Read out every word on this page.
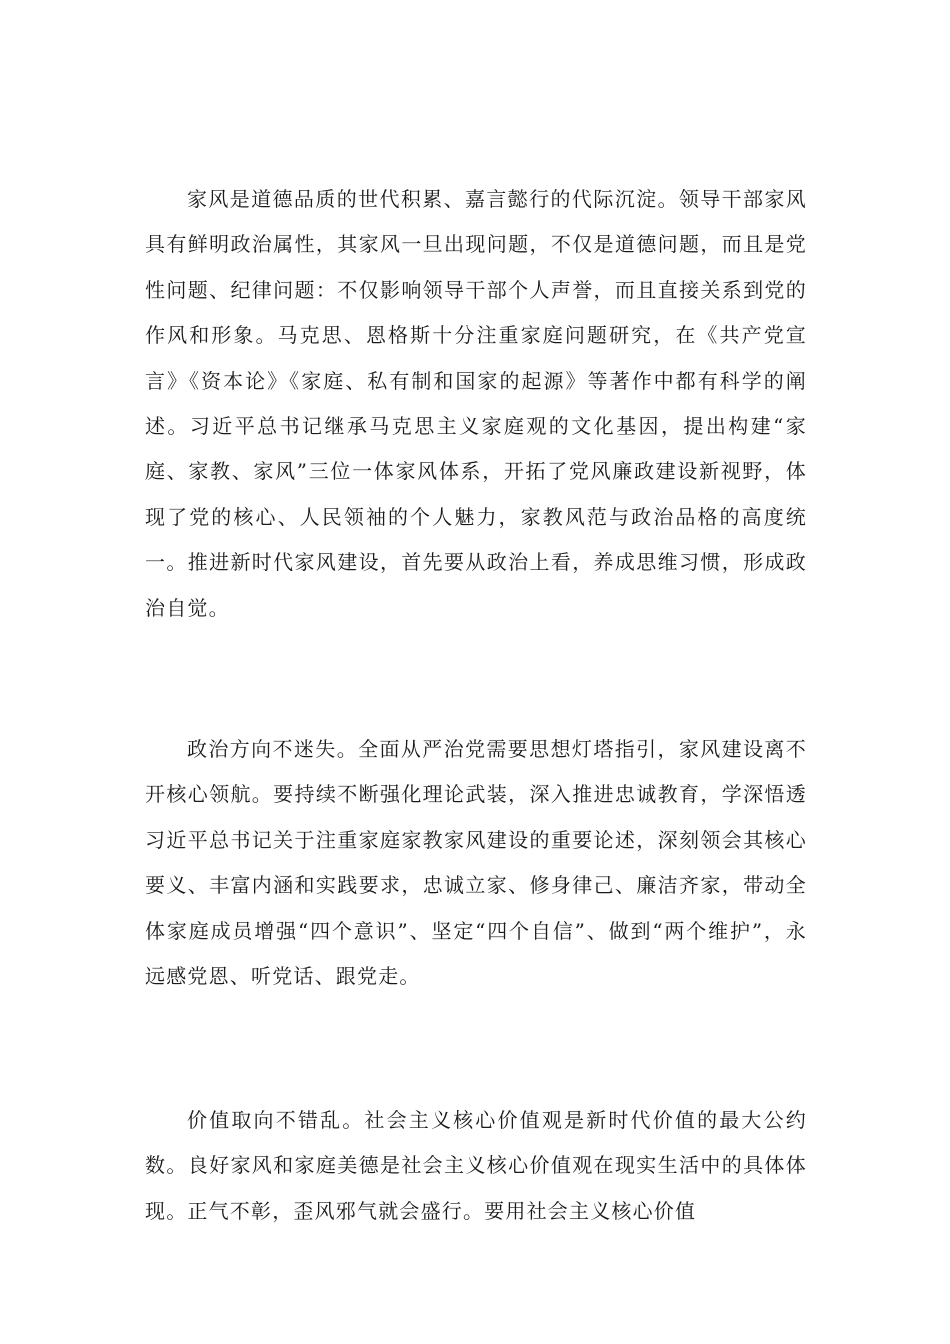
家风是道德品质的世代积累、嘉言懿行的代际沉淀。领导干部家风具有鲜明政治属性，其家风一旦出现问题，不仅是道德问题，而且是党性问题、纪律问题：不仅影响领导干部个人声誉，而且直接关系到党的作风和形象。马克思、恩格斯十分注重家庭问题研究，在《共产党宣言》《资本论》《家庭、私有制和国家的起源》等著作中都有科学的阐述。习近平总书记继承马克思主义家庭观的文化基因，提出构建“家庭、家教、家风”三位一体家风体系，开拓了党风廉政建设新视野，体现了党的核心、人民领袖的个人魅力，家教风范与政治品格的高度统一。推进新时代家风建设，首先要从政治上看，养成思维习惯，形成政治自觉。

政治方向不迷失。全面从严治党需要思想灯塔指引，家风建设离不开核心领航。要持续不断强化理论武装，深入推进忠诚教育，学深悟透习近平总书记关于注重家庭家教家风建设的重要论述，深刻领会其核心要义、丰富内涵和实践要求，忠诚立家、修身律己、廉洁齐家，带动全体家庭成员增强“四个意识”、坚定“四个自信”、做到“两个维护”，永远感党恩、听党话、跟党走。

价值取向不错乱。社会主义核心价值观是新时代价值的最大公约数。良好家风和家庭美德是社会主义核心价值观在现实生活中的具体体现。正气不彰，歪风邪气就会盛行。要用社会主义核心价值
